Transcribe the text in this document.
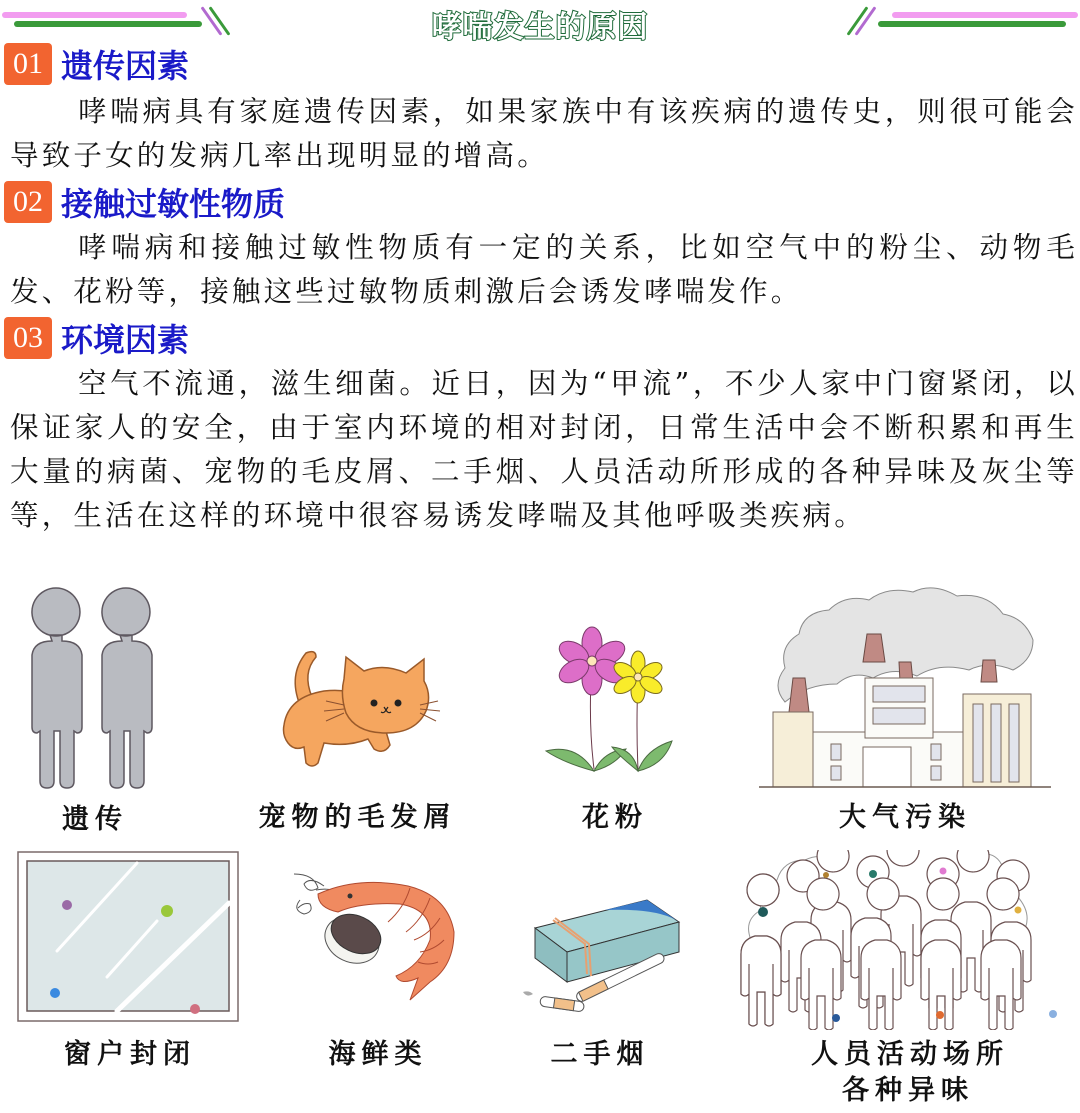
哮喘发生的原因
01 遗传因素
哮喘病具有家庭遗传因素，如果家族中有该疾病的遗传史，则很可能会导致子女的发病几率出现明显的增高。
02 接触过敏性物质
哮喘病和接触过敏性物质有一定的关系，比如空气中的粉尘、动物毛发、花粉等，接触这些过敏物质刺激后会诱发哮喘发作。
03 环境因素
空气不流通，滋生细菌。近日，因为“甲流”，不少人家中门窗紧闭，以保证家人的安全，由于室内环境的相对封闭，日常生活中会不断积累和再生大量的病菌、宠物的毛皮屑、二手烟、人员活动所形成的各种异味及灰尘等等，生活在这样的环境中很容易诱发哮喘及其他呼吸类疾病。
遗传	宠物的毛发屑	花粉	大气污染
窗户封闭	海鲜类	二手烟	人员活动场所
各种异味
